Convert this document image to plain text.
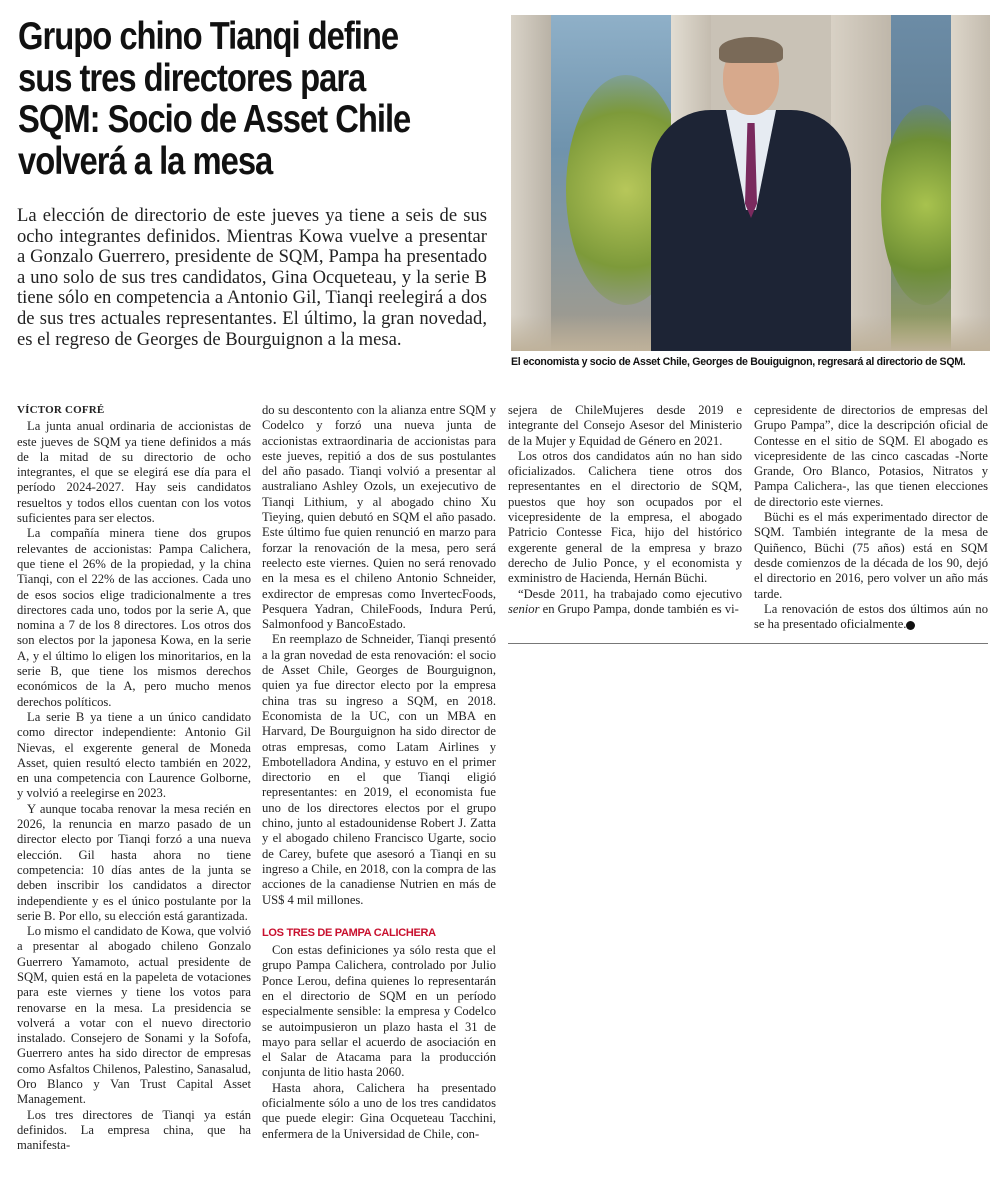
Grupo chino Tianqi define
sus tres directores para
SQM: Socio de Asset Chile
volverá a la mesa
La elección de directorio de este jueves ya tiene a seis de sus ocho integrantes definidos. Mientras Kowa vuelve a presentar a Gonzalo Guerrero, presidente de SQM, Pampa ha presentado a uno solo de sus tres candidatos, Gina Ocqueteau, y la serie B tiene sólo en competencia a Antonio Gil, Tianqi reelegirá a dos de sus tres actuales representantes. El último, la gran novedad, es el regreso de Georges de Bourguignon a la mesa.
El economista y socio de Asset Chile, Georges de Bouiguignon, regresará al directorio de SQM.
VÍCTOR COFRÉ

La junta anual ordinaria de accionistas de este jueves de SQM ya tiene definidos a más de la mitad de su directorio de ocho integrantes, el que se elegirá ese día para el período 2024-2027. Hay seis candidatos resueltos y todos ellos cuentan con los votos suficientes para ser electos.

La compañía minera tiene dos grupos relevantes de accionistas: Pampa Calichera, que tiene el 26% de la propiedad, y la china Tianqi, con el 22% de las acciones. Cada uno de esos socios elige tradicionalmente a tres directores cada uno, todos por la serie A, que nomina a 7 de los 8 directores. Los otros dos son electos por la japonesa Kowa, en la serie A, y el último lo eligen los minoritarios, en la serie B, que tiene los mismos derechos económicos de la A, pero mucho menos derechos políticos.

La serie B ya tiene a un único candidato como director independiente: Antonio Gil Nievas, el exgerente general de Moneda Asset, quien resultó electo también en 2022, en una competencia con Laurence Golborne, y volvió a reelegirse en 2023.

Y aunque tocaba renovar la mesa recién en 2026, la renuncia en marzo pasado de un director electo por Tianqi forzó a una nueva elección. Gil hasta ahora no tiene competencia: 10 días antes de la junta se deben inscribir los candidatos a director independiente y es el único postulante por la serie B. Por ello, su elección está garantizada.

Lo mismo el candidato de Kowa, que volvió a presentar al abogado chileno Gonzalo Guerrero Yamamoto, actual presidente de SQM, quien está en la papeleta de votaciones para este viernes y tiene los votos para renovarse en la mesa. La presidencia se volverá a votar con el nuevo directorio instalado. Consejero de Sonami y la Sofofa, Guerrero antes ha sido director de empresas como Asfaltos Chilenos, Palestino, Sanasalud, Oro Blanco y Van Trust Capital Asset Management.

Los tres directores de Tianqi ya están definidos. La empresa china, que ha manifesta-

do su descontento con la alianza entre SQM y Codelco y forzó una nueva junta de accionistas extraordinaria de accionistas para este jueves, repitió a dos de sus postulantes del año pasado. Tianqi volvió a presentar al australiano Ashley Ozols, un exejecutivo de Tianqi Lithium, y al abogado chino Xu Tieying, quien debutó en SQM el año pasado. Este último fue quien renunció en marzo para forzar la renovación de la mesa, pero será reelecto este viernes. Quien no será renovado en la mesa es el chileno Antonio Schneider, exdirector de empresas como InvertecFoods, Pesquera Yadran, ChileFoods, Indura Perú, Salmonfood y BancoEstado.

En reemplazo de Schneider, Tianqi presentó a la gran novedad de esta renovación: el socio de Asset Chile, Georges de Bourguignon, quien ya fue director electo por la empresa china tras su ingreso a SQM, en 2018. Economista de la UC, con un MBA en Harvard, De Bourguignon ha sido director de otras empresas, como Latam Airlines y Embotelladora Andina, y estuvo en el primer directorio en el que Tianqi eligió representantes: en 2019, el economista fue uno de los directores electos por el grupo chino, junto al estadounidense Robert J. Zatta y el abogado chileno Francisco Ugarte, socio de Carey, bufete que asesoró a Tianqi en su ingreso a Chile, en 2018, con la compra de las acciones de la canadiense Nutrien en más de US$ 4 mil millones.

LOS TRES DE PAMPA CALICHERA

Con estas definiciones ya sólo resta que el grupo Pampa Calichera, controlado por Julio Ponce Lerou, defina quienes lo representarán en el directorio de SQM en un período especialmente sensible: la empresa y Codelco se autoimpusieron un plazo hasta el 31 de mayo para sellar el acuerdo de asociación en el Salar de Atacama para la producción conjunta de litio hasta 2060.

Hasta ahora, Calichera ha presentado oficialmente sólo a uno de los tres candidatos que puede elegir: Gina Ocqueteau Tacchini, enfermera de la Universidad de Chile, con-

sejera de ChileMujeres desde 2019 e integrante del Consejo Asesor del Ministerio de la Mujer y Equidad de Género en 2021.

Los otros dos candidatos aún no han sido oficializados. Calichera tiene otros dos representantes en el directorio de SQM, puestos que hoy son ocupados por el vicepresidente de la empresa, el abogado Patricio Contesse Fica, hijo del histórico exgerente general de la empresa y brazo derecho de Julio Ponce, y el economista y exministro de Hacienda, Hernán Büchi.

“Desde 2011, ha trabajado como ejecutivo senior en Grupo Pampa, donde también es vi-

cepresidente de directorios de empresas del Grupo Pampa”, dice la descripción oficial de Contesse en el sitio de SQM. El abogado es vicepresidente de las cinco cascadas -Norte Grande, Oro Blanco, Potasios, Nitratos y Pampa Calichera-, las que tienen elecciones de directorio este viernes.

Büchi es el más experimentado director de SQM. También integrante de la mesa de Quiñenco, Büchi (75 años) está en SQM desde comienzos de la década de los 90, dejó el directorio en 2016, pero volver un año más tarde.

La renovación de estos dos últimos aún no se ha presentado oficialmente. P
